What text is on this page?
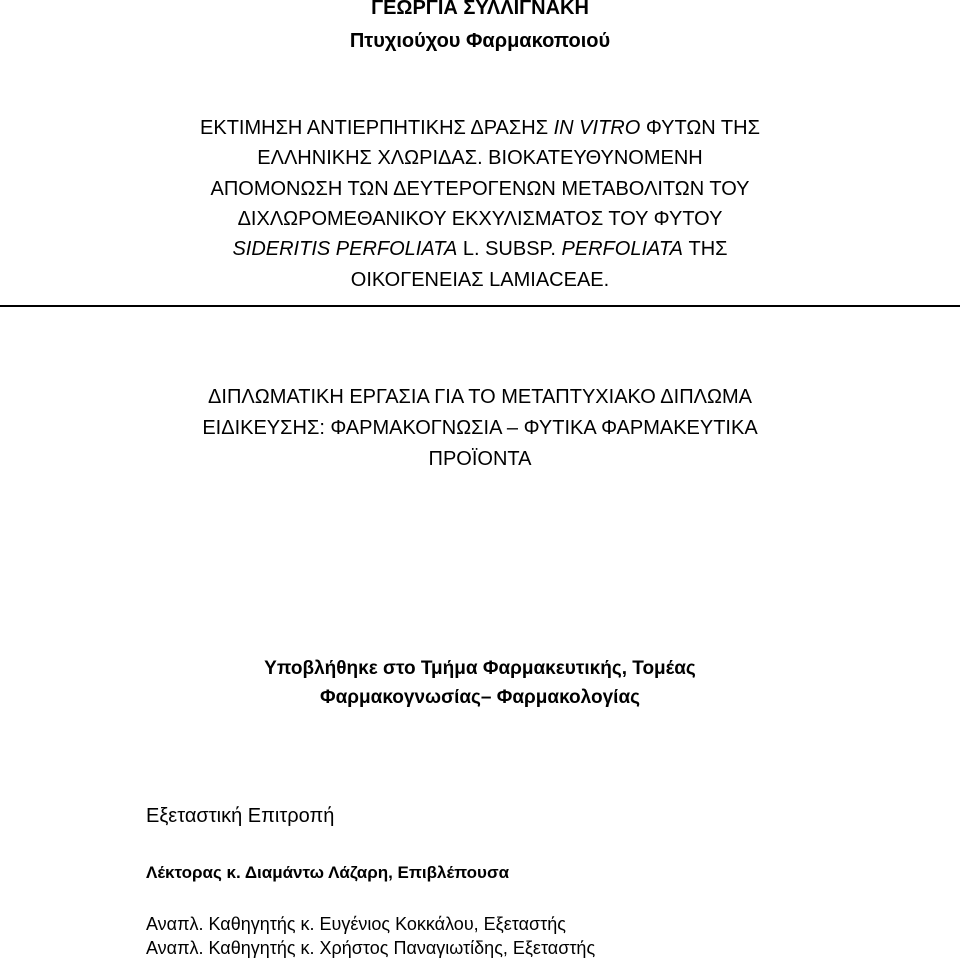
ΓΕΩΡΓΙΑ ΣΥΛΛΙΓΝΑΚΗ
Πτυχιούχου Φαρμακοποιού
ΕΚΤΙΜΗΣΗ ΑΝΤΙΕΡΠΗΤΙΚΗΣ ΔΡΑΣΗΣ IN VITRO ΦΥΤΩΝ ΤΗΣ
ΕΛΛΗΝΙΚΗΣ ΧΛΩΡΙΔΑΣ. ΒΙΟΚΑΤΕΥΘΥΝΟΜΕΝΗ
ΑΠΟΜΟΝΩΣΗ ΤΩΝ ΔΕΥΤΕΡΟΓΕΝΩΝ ΜΕΤΑΒΟΛΙΤΩΝ ΤΟΥ
ΔΙΧΛΩΡΟΜΕΘΑΝΙΚΟΥ ΕΚΧΥΛΙΣΜΑΤΟΣ ΤΟΥ ΦΥΤΟΥ
SIDERITIS PERFOLIATA L. SUBSP. PERFOLIATA ΤΗΣ
ΟΙΚΟΓΕΝΕΙΑΣ LAMIACEAE.
ΔΙΠΛΩΜΑΤΙΚΗ ΕΡΓΑΣΙΑ ΓΙΑ ΤΟ ΜΕΤΑΠΤΥΧΙΑΚΟ ΔΙΠΛΩΜΑ
ΕΙΔΙΚΕΥΣΗΣ: ΦΑΡΜΑΚΟΓΝΩΣΙΑ – ΦΥΤΙΚΑ ΦΑΡΜΑΚΕΥΤΙΚΑ
ΠΡΟΪΟΝΤΑ
Υποβλήθηκε στο Τμήμα Φαρμακευτικής, Τομέας
Φαρμακογνωσίας– Φαρμακολογίας
Εξεταστική Επιτροπή
Λέκτορας κ. Διαμάντω Λάζαρη, Επιβλέπουσα
Αναπλ. Καθηγητής κ. Ευγένιος Κοκκάλου, Εξεταστής
Αναπλ. Καθηγητής κ. Χρήστος Παναγιωτίδης, Εξεταστής
